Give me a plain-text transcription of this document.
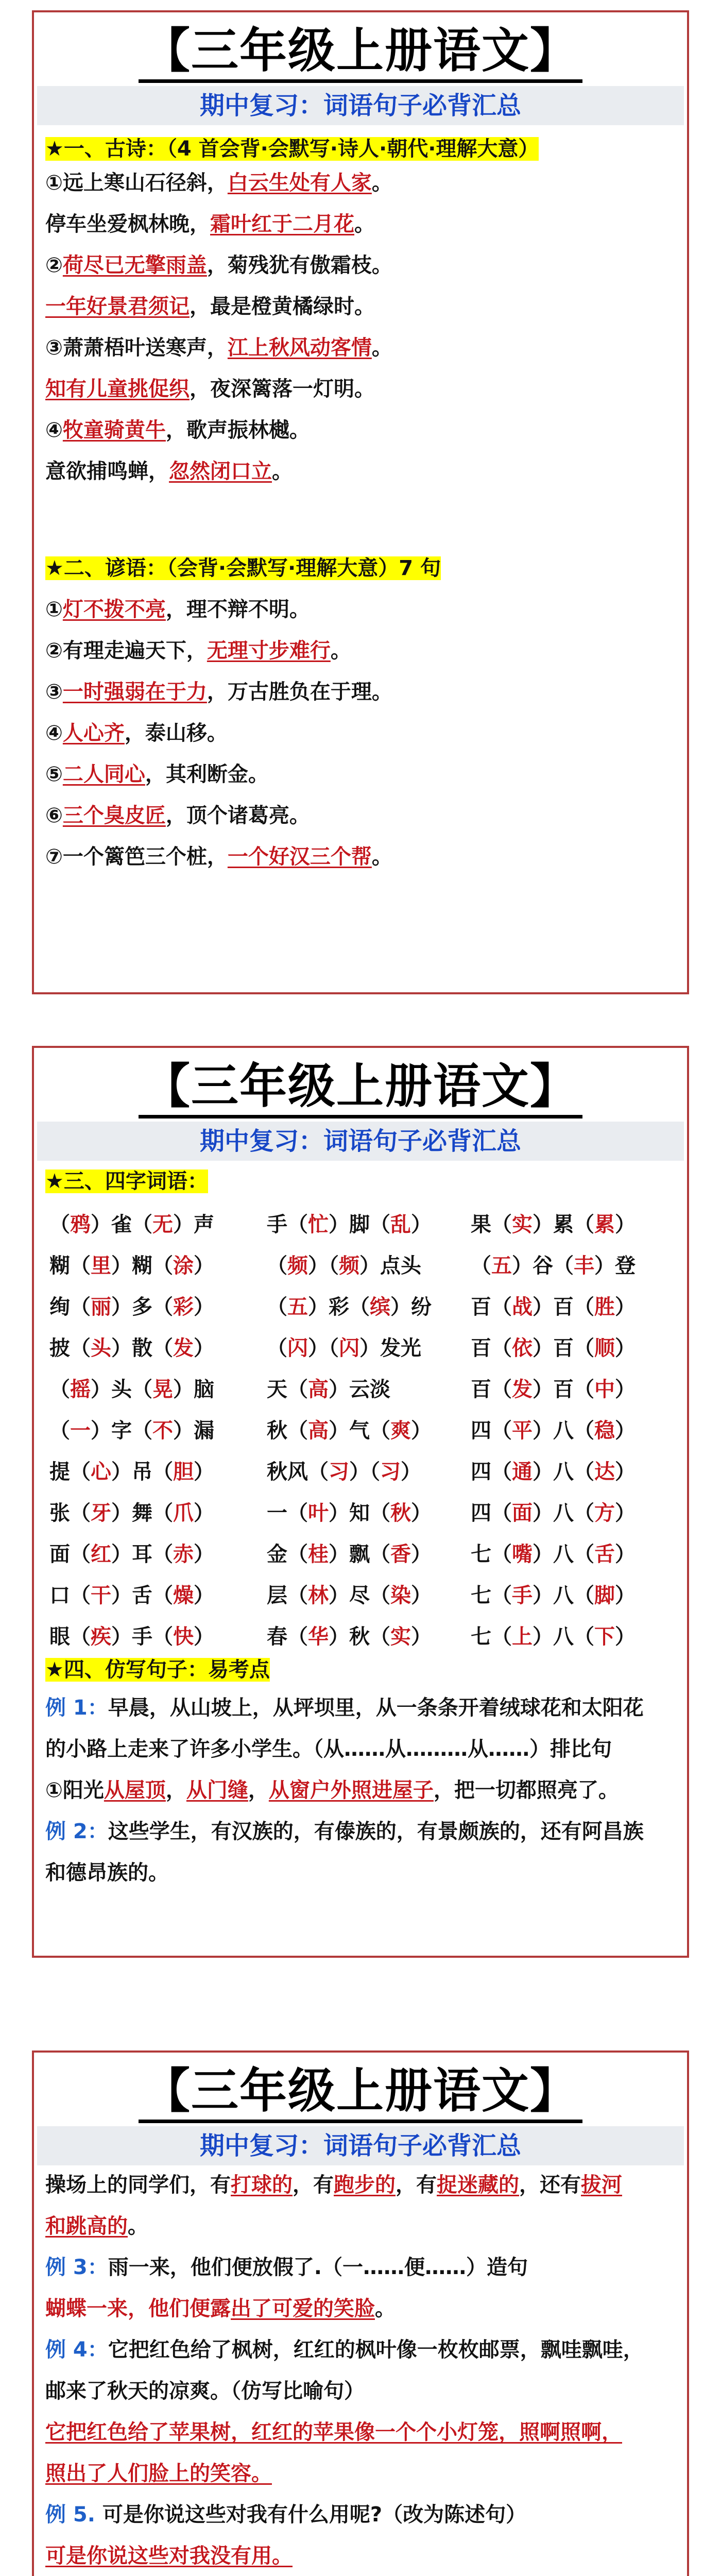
【三年级上册语文】
期中复习：词语句子必背汇总

★一、古诗：（4 首会背·会默写·诗人·朝代·理解大意）

①远上寒山石径斜，白云生处有人家。

停车坐爱枫林晚，霜叶红于二月花。

②荷尽已无擎雨盖，菊残犹有傲霜枝。

一年好景君须记，最是橙黄橘绿时。

③萧萧梧叶送寒声，江上秋风动客情。

知有儿童挑促织，夜深篱落一灯明。

④牧童骑黄牛，歌声振林樾。

意欲捕鸣蝉，忽然闭口立。

★二、谚语：（会背·会默写·理解大意）7 句

①灯不拨不亮，理不辩不明。

②有理走遍天下，无理寸步难行。

③一时强弱在于力，万古胜负在于理。

④人心齐，泰山移。

⑤二人同心，其利断金。

⑥三个臭皮匠，顶个诸葛亮。

⑦一个篱笆三个桩，一个好汉三个帮。

【三年级上册语文】
期中复习：词语句子必背汇总

★三、四字词语：

（鸦）雀（无）声	手（忙）脚（乱） 果（实）累（累）
糊（里）糊（涂）	（频）（频）点头 （五）谷（丰）登
绚（丽）多（彩）	（五）彩（缤）纷 百（战）百（胜）
披（头）散（发）	（闪）（闪）发光 百（依）百（顺）
（摇）头（晃）脑	天（高）云淡	百（发）百（中）
（一）字（不）漏	秋（高）气（爽） 四（平）八（稳）
提（心）吊（胆）	秋风（习）（习） 四（通）八（达）
张（牙）舞（爪）	一（叶）知（秋） 四（面）八（方）
面（红）耳（赤）	金（桂）飘（香） 七（嘴）八（舌）
口（干）舌（燥）	层（林）尽（染） 七（手）八（脚）
眼（疾）手（快）	春（华）秋（实） 七（上）八（下）

★四、仿写句子：易考点

例 1：早晨，从山坡上，从坪坝里，从一条条开着绒球花和太阳花

的小路上走来了许多小学生。（从……从………从……）排比句

①阳光从屋顶，从门缝，从窗户外照进屋子，把一切都照亮了。

例 2：这些学生，有汉族的，有傣族的，有景颇族的，还有阿昌族

和德昂族的。

【三年级上册语文】
期中复习：词语句子必背汇总

操场上的同学们，有打球的，有跑步的，有捉迷藏的，还有拔河

和跳高的。

例 3：雨一来，他们便放假了.（一……便……）造句

蝴蝶一来，他们便露出了可爱的笑脸。

例 4：它把红色给了枫树，红红的枫叶像一枚枚邮票，飘哇飘哇，

邮来了秋天的凉爽。（仿写比喻句）

它把红色给了苹果树，红红的苹果像一个个小灯笼，照啊照啊，

照出了人们脸上的笑容。

例 5. 可是你说这些对我有什么用呢?（改为陈述句）

可是你说这些对我没有用。
